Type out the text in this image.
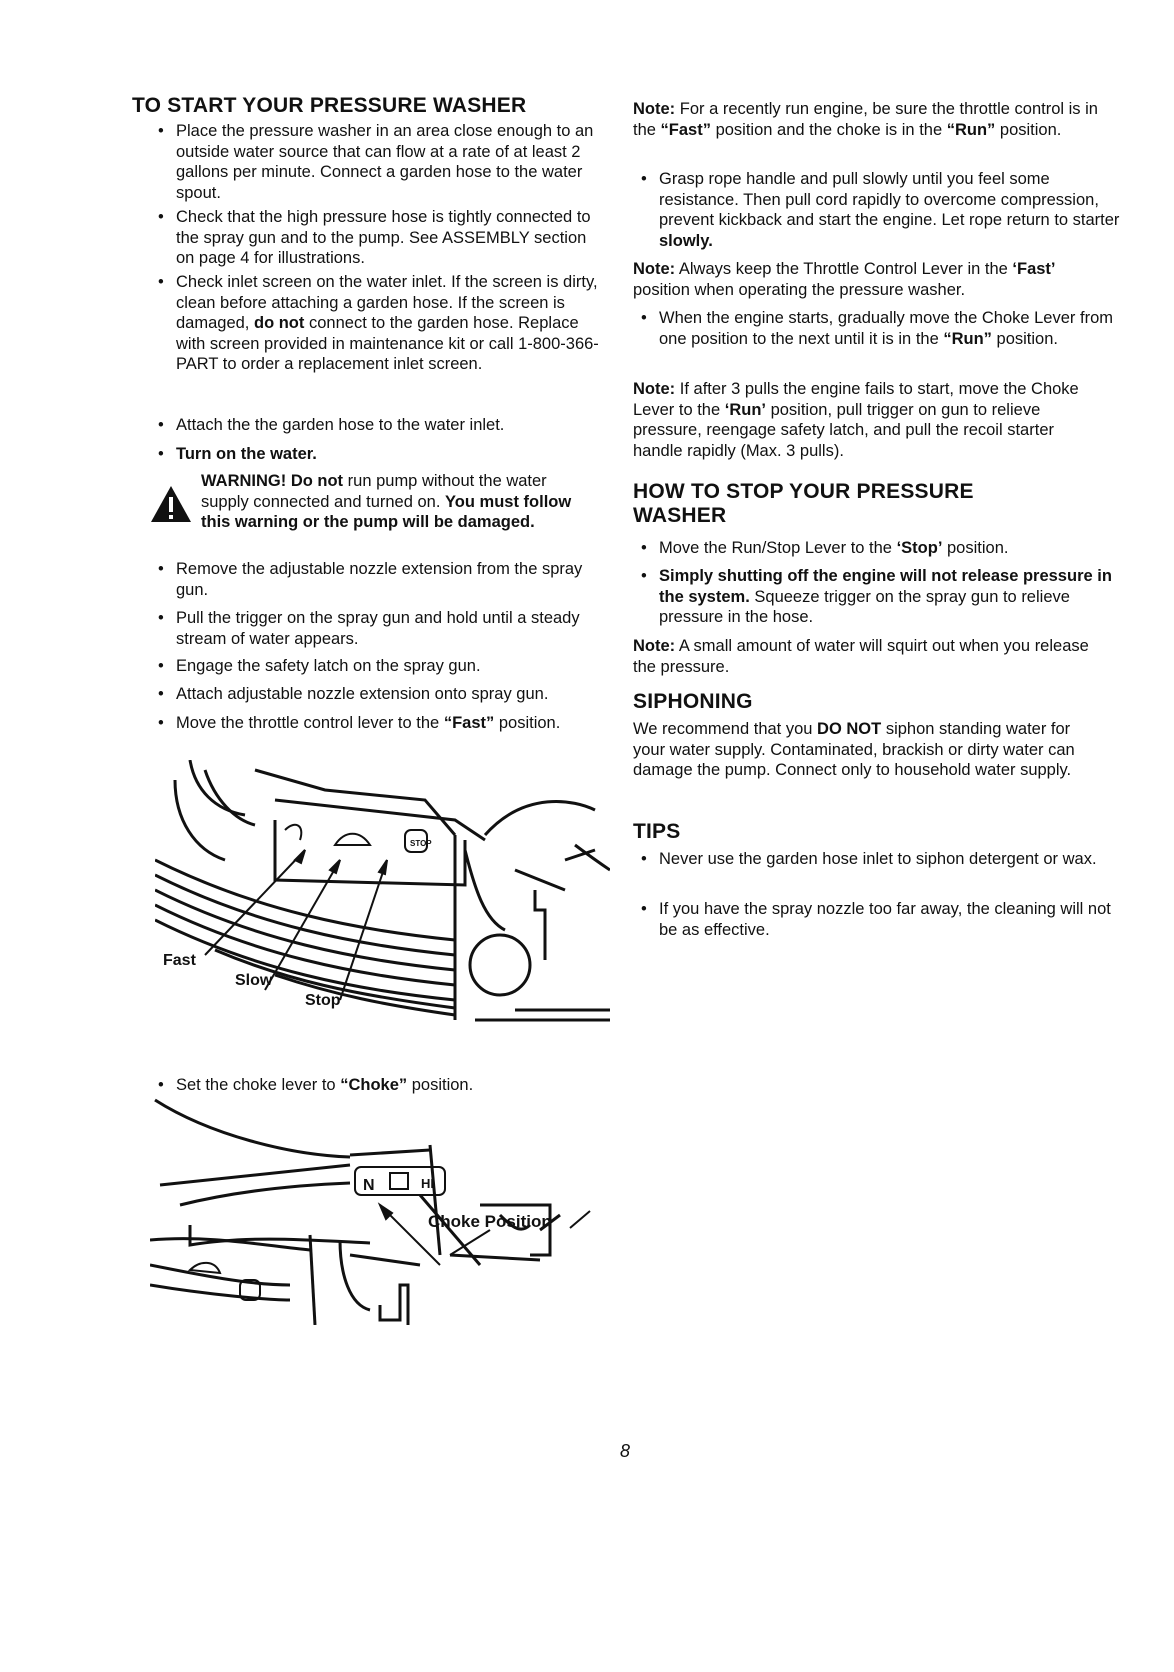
TO START YOUR PRESSURE WASHER

• Place the pressure washer in an area close enough to an outside water source that can flow at a rate of at least 2 gallons per minute. Connect a garden hose to the water spout.

• Check that the high pressure hose is tightly connected to the spray gun and to the pump. See ASSEMBLY section on page 4 for illustrations.

• Check inlet screen on the water inlet. If the screen is dirty, clean before attaching a garden hose. If the screen is damaged, do not connect to the garden hose. Replace with screen provided in maintenance kit or call 1-800-366-PART to order a replacement inlet screen.

• Attach the the garden hose to the water inlet.

• Turn on the water.

WARNING! Do not run pump without the water supply connected and turned on. You must follow this warning or the pump will be damaged.

• Remove the adjustable nozzle extension from the spray gun.

• Pull the trigger on the spray gun and hold until a steady stream of water appears.

• Engage the safety latch on the spray gun.

• Attach adjustable nozzle extension onto spray gun.

• Move the throttle control lever to the “Fast” position.

STOP
Fast
Slow
Stop

• Set the choke lever to “Choke” position.

N	HI
Choke Position

Note: For a recently run engine, be sure the throttle control is in the “Fast” position and the choke is in the “Run” position.

• Grasp rope handle and pull slowly until you feel some resistance. Then pull cord rapidly to overcome compression, prevent kickback and start the engine. Let rope return to starter slowly.

Note: Always keep the Throttle Control Lever in the ‘Fast’ position when operating the pressure washer.

• When the engine starts, gradually move the Choke Lever from one position to the next until it is in the “Run” position.

Note: If after 3 pulls the engine fails to start, move the Choke Lever to the ‘Run’ position, pull trigger on gun to relieve pressure, reengage safety latch, and pull the recoil starter handle rapidly (Max. 3 pulls).

HOW TO STOP YOUR PRESSURE WASHER

• Move the Run/Stop Lever to the ‘Stop’ position.

• Simply shutting off the engine will not release pressure in the system. Squeeze trigger on the spray gun to relieve pressure in the hose.

Note: A small amount of water will squirt out when you release the pressure.

SIPHONING

We recommend that you DO NOT siphon standing water for your water supply. Contaminated, brackish or dirty water can damage the pump. Connect only to household water supply.

TIPS

• Never use the garden hose inlet to siphon detergent or wax.

• If you have the spray nozzle too far away, the cleaning will not be as effective.

8
